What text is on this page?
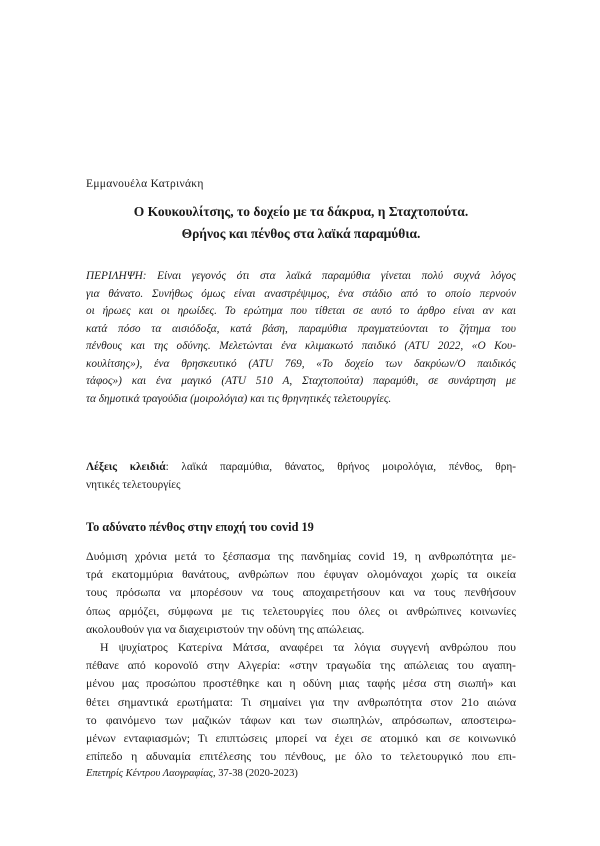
Εμμανουέλα Κατρινάκη
Ο Κουκουλίτσης, το δοχείο με τα δάκρυα, η Σταχτοπούτα.
Θρήνος και πένθος στα λαϊκά παραμύθια.
ΠΕΡΙΛΗΨΗ: Είναι γεγονός ότι στα λαϊκά παραμύθια γίνεται πολύ συχνά λόγος
για θάνατο. Συνήθως όμως είναι αναστρέψιμος, ένα στάδιο από το οποίο περνούν
οι ήρωες και οι ηρωίδες. Το ερώτημα που τίθεται σε αυτό το άρθρο είναι αν και
κατά πόσο τα αισιόδοξα, κατά βάση, παραμύθια πραγματεύονται το ζήτημα του
πένθους και της οδύνης. Μελετώνται ένα κλιμακωτό παιδικό (ATU 2022, «Ο Κου-
κουλίτσης»), ένα θρησκευτικό (ATU 769, «Το δοχείο των δακρύων/Ο παιδικός
τάφος») και ένα μαγικό (ATU 510 A, Σταχτοπούτα) παραμύθι, σε συνάρτηση με
τα δημοτικά τραγούδια (μοιρολόγια) και τις θρηνητικές τελετουργίες.
Λέξεις κλειδιά: λαϊκά παραμύθια, θάνατος, θρήνος μοιρολόγια, πένθος, θρη-
νητικές τελετουργίες
Το αδύνατο πένθος στην εποχή του covid 19
Δυόμιση χρόνια μετά το ξέσπασμα της πανδημίας covid 19, η ανθρωπότητα με-
τρά εκατομμύρια θανάτους, ανθρώπων που έφυγαν ολομόναχοι χωρίς τα οικεία
τους πρόσωπα να μπορέσουν να τους αποχαιρετήσουν και να τους πενθήσουν
όπως αρμόζει, σύμφωνα με τις τελετουργίες που όλες οι ανθρώπινες κοινωνίες
ακολουθούν για να διαχειριστούν την οδύνη της απώλειας.
Η ψυχίατρος Κατερίνα Μάτσα, αναφέρει τα λόγια συγγενή ανθρώπου που
πέθανε από κορονοϊό στην Αλγερία: «στην τραγωδία της απώλειας του αγαπη-
μένου μας προσώπου προστέθηκε και η οδύνη μιας ταφής μέσα στη σιωπή» και
θέτει σημαντικά ερωτήματα: Τι σημαίνει για την ανθρωπότητα στον 21ο αιώνα
το φαινόμενο των μαζικών τάφων και των σιωπηλών, απρόσωπων, αποστειρω-
μένων ενταφιασμών; Τι επιπτώσεις μπορεί να έχει σε ατομικό και σε κοινωνικό
επίπεδο η αδυναμία επιτέλεσης του πένθους, με όλο το τελετουργικό που επι-
Επετηρίς Κέντρου Λαογραφίας, 37-38 (2020-2023)
